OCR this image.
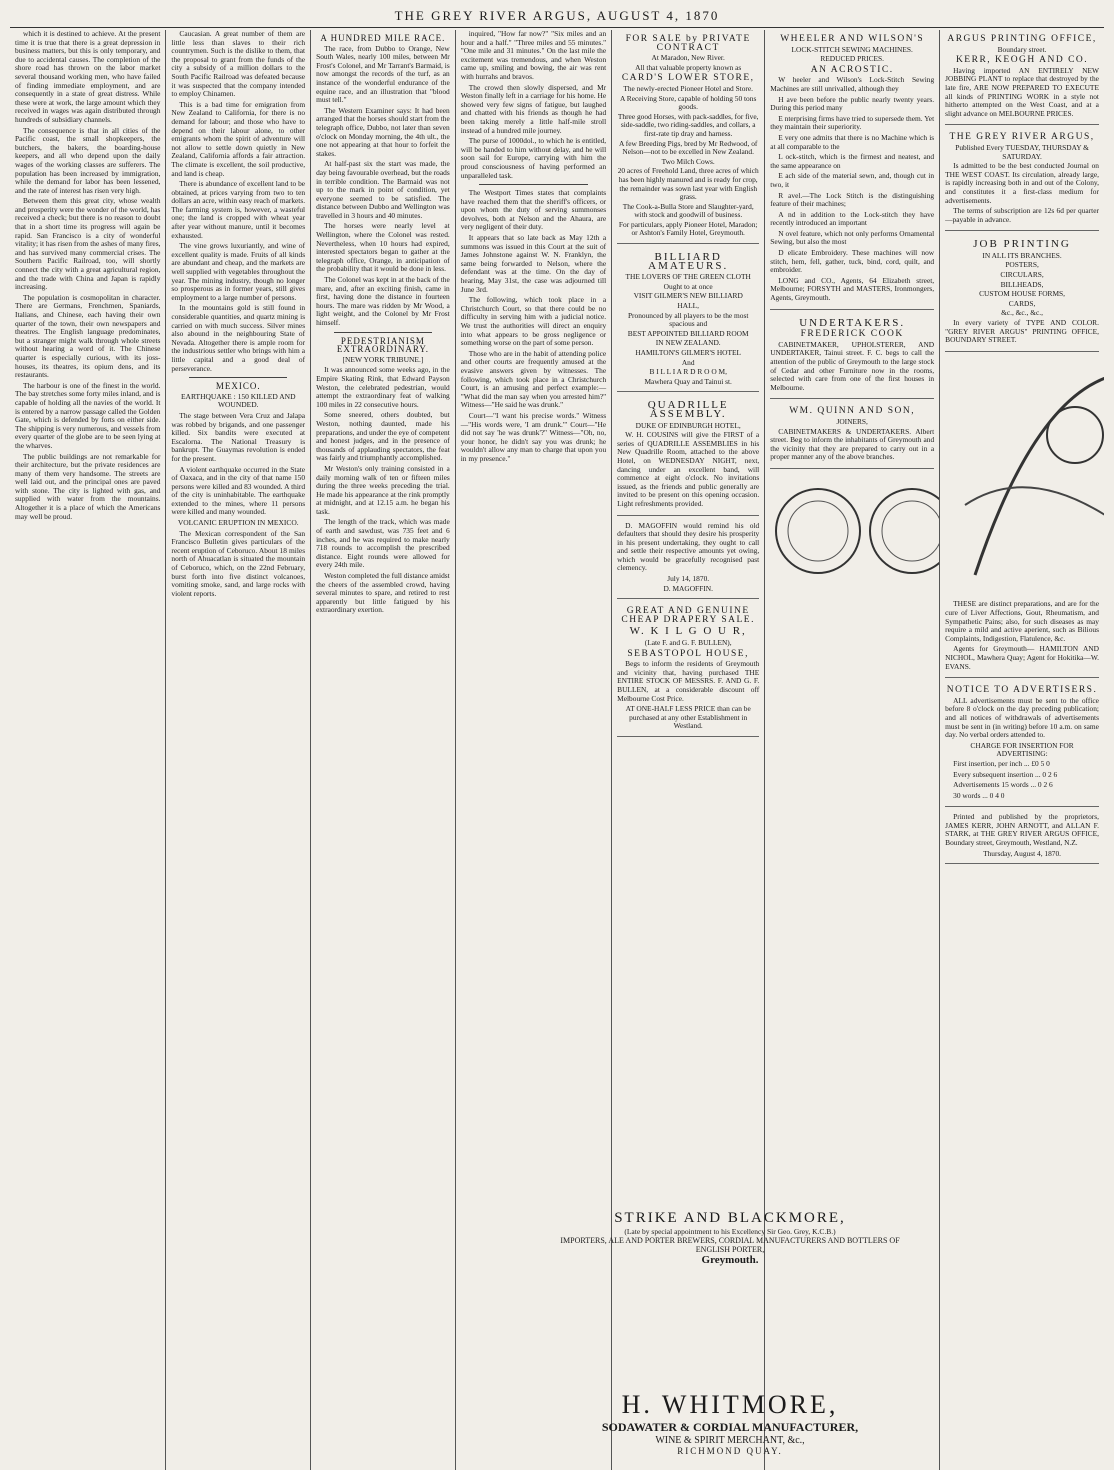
THE GREY RIVER ARGUS, AUGUST 4, 1870

which it is destined to achieve. At the present time it is true that there is a great depression in business matters, but this is only temporary, and due to accidental causes. The completion of the shore road has thrown on the labor market several thousand working men, who have failed of finding immediate employment, and are consequently in a state of great distress. While these were at work, the large amount which they received in wages was again distributed through hundreds of subsidiary channels.

The consequence is that in all cities of the Pacific coast, the small shopkeepers, the butchers, the bakers, the boarding-house keepers, and all who depend upon the daily wages of the working classes are sufferers. The population has been increased by immigration, while the demand for labor has been lessened, and the rate of interest has risen very high.

Between them this great city, whose wealth and prosperity were the wonder of the world, has received a check; but there is no reason to doubt that in a short time its progress will again be rapid. San Francisco is a city of wonderful vitality; it has risen from the ashes of many fires, and has survived many commercial crises. The Southern Pacific Railroad, too, will shortly connect the city with a great agricultural region, and the trade with China and Japan is rapidly increasing.

The population is cosmopolitan in character. There are Germans, Frenchmen, Spaniards, Italians, and Chinese, each having their own quarter of the town, their own newspapers and theatres. The English language predominates, but a stranger might walk through whole streets without hearing a word of it. The Chinese quarter is especially curious, with its joss-houses, its theatres, its opium dens, and its restaurants.

The harbour is one of the finest in the world. The bay stretches some forty miles inland, and is capable of holding all the navies of the world. It is entered by a narrow passage called the Golden Gate, which is defended by forts on either side. The shipping is very numerous, and vessels from every quarter of the globe are to be seen lying at the wharves.

The public buildings are not remarkable for their architecture, but the private residences are many of them very handsome. The streets are well laid out, and the principal ones are paved with stone. The city is lighted with gas, and supplied with water from the mountains. Altogether it is a place of which the Americans may well be proud.

Caucasian. A great number of them are little less than slaves to their rich countrymen. Such is the dislike to them, that the proposal to grant from the funds of the city a subsidy of a million dollars to the South Pacific Railroad was defeated because it was suspected that the company intended to employ Chinamen.

This is a bad time for emigration from New Zealand to California, for there is no demand for labour; and those who have to depend on their labour alone, to other emigrants whom the spirit of adventure will not allow to settle down quietly in New Zealand, California affords a fair attraction. The climate is excellent, the soil productive, and land is cheap.

There is abundance of excellent land to be obtained, at prices varying from two to ten dollars an acre, within easy reach of markets. The farming system is, however, a wasteful one; the land is cropped with wheat year after year without manure, until it becomes exhausted.

The vine grows luxuriantly, and wine of excellent quality is made. Fruits of all kinds are abundant and cheap, and the markets are well supplied with vegetables throughout the year. The mining industry, though no longer so prosperous as in former years, still gives employment to a large number of persons.

In the mountains gold is still found in considerable quantities, and quartz mining is carried on with much success. Silver mines also abound in the neighbouring State of Nevada. Altogether there is ample room for the industrious settler who brings with him a little capital and a good deal of perseverance.

MEXICO.
EARTHQUAKE : 150 KILLED AND WOUNDED.

The stage between Vera Cruz and Jalapa was robbed by brigands, and one passenger killed. Six bandits were executed at Escalorna. The National Treasury is bankrupt. The Guaymas revolution is ended for the present.

A violent earthquake occurred in the State of Oaxaca, and in the city of that name 150 persons were killed and 83 wounded. A third of the city is uninhabitable. The earthquake extended to the mines, where 11 persons were killed and many wounded.

VOLCANIC ERUPTION IN MEXICO.

The Mexican correspondent of the San Francisco Bulletin gives particulars of the recent eruption of Ceboruco. About 18 miles north of Ahuacatlan is situated the mountain of Ceboruco, which, on the 22nd February, burst forth into five distinct volcanoes, vomiting smoke, sand, and large rocks with violent reports.

A HUNDRED MILE RACE.

The race, from Dubbo to Orange, New South Wales, nearly 100 miles, between Mr Frost's Colonel, and Mr Tarrant's Barmaid, is now amongst the records of the turf, as an instance of the wonderful endurance of the equine race, and an illustration that "blood must tell."

The Western Examiner says: It had been arranged that the horses should start from the telegraph office, Dubbo, not later than seven o'clock on Monday morning, the 4th ult., the one not appearing at that hour to forfeit the stakes.

At half-past six the start was made, the day being favourable overhead, but the roads in terrible condition. The Barmaid was not up to the mark in point of condition, yet everyone seemed to be satisfied. The distance between Dubbo and Wellington was travelled in 3 hours and 40 minutes.

The horses were nearly level at Wellington, where the Colonel was rested. Nevertheless, when 10 hours had expired, interested spectators began to gather at the telegraph office, Orange, in anticipation of the probability that it would be done in less.

The Colonel was kept in at the back of the mare, and, after an exciting finish, came in first, having done the distance in fourteen hours. The mare was ridden by Mr Wood, a light weight, and the Colonel by Mr Frost himself.

PEDESTRIANISM EXTRAORDINARY.
[NEW YORK TRIBUNE.]

It was announced some weeks ago, in the Empire Skating Rink, that Edward Payson Weston, the celebrated pedestrian, would attempt the extraordinary feat of walking 100 miles in 22 consecutive hours.

Some sneered, others doubted, but Weston, nothing daunted, made his preparations, and under the eye of competent and honest judges, and in the presence of thousands of applauding spectators, the feat was fairly and triumphantly accomplished.

Mr Weston's only training consisted in a daily morning walk of ten or fifteen miles during the three weeks preceding the trial. He made his appearance at the rink promptly at midnight, and at 12.15 a.m. he began his task.

The length of the track, which was made of earth and sawdust, was 735 feet and 6 inches, and he was required to make nearly 718 rounds to accomplish the prescribed distance. Eight rounds were allowed for every 24th mile.

Weston completed the full distance amidst the cheers of the assembled crowd, having several minutes to spare, and retired to rest apparently but little fatigued by his extraordinary exertion.

inquired, "How far now?" "Six miles and an hour and a half." "Three miles and 55 minutes." "One mile and 31 minutes." On the last mile the excitement was tremendous, and when Weston came up, smiling and bowing, the air was rent with hurrahs and bravos.

The crowd then slowly dispersed, and Mr Weston finally left in a carriage for his home. He showed very few signs of fatigue, but laughed and chatted with his friends as though he had been taking merely a little half-mile stroll instead of a hundred mile journey.

The purse of 1000dol., to which he is entitled, will be handed to him without delay, and he will soon sail for Europe, carrying with him the proud consciousness of having performed an unparalleled task.

The Westport Times states that complaints have reached them that the sheriff's officers, or upon whom the duty of serving summonses devolves, both at Nelson and the Ahaura, are very negligent of their duty.

It appears that so late back as May 12th a summons was issued in this Court at the suit of James Johnstone against W. N. Franklyn, the same being forwarded to Nelson, where the defendant was at the time. On the day of hearing, May 31st, the case was adjourned till June 3rd.

The following, which took place in a Christchurch Court, so that there could be no difficulty in serving him with a judicial notice. We trust the authorities will direct an enquiry into what appears to be gross negligence or something worse on the part of some person.

Those who are in the habit of attending police and other courts are frequently amused at the evasive answers given by witnesses. The following, which took place in a Christchurch Court, is an amusing and perfect example:— "What did the man say when you arrested him?" Witness—"He said he was drunk."

Court—"I want his precise words." Witness—"His words were, 'I am drunk.'" Court—"He did not say 'he was drunk'?" Witness—"Oh, no, your honor, he didn't say you was drunk; he wouldn't allow any man to charge that upon you in my presence."

FOR SALE by PRIVATE CONTRACT
At Maradon, New River.
All that valuable property known as
CARD'S LOWER STORE,
The newly-erected Pioneer Hotel and Store.
A Receiving Store, capable of holding 50 tons goods.
Three good Horses, with pack-saddles, for five, side-saddle, two riding-saddles, and collars, a first-rate tip dray and harness.
A few Breeding Pigs, bred by Mr Redwood, of Nelson—not to be excelled in New Zealand.
Two Milch Cows.
20 acres of Freehold Land, three acres of which has been highly manured and is ready for crop, the remainder was sown last year with English grass.
The Cook-a-Bulla Store and Slaughter-yard, with stock and goodwill of business.
For particulars, apply Pioneer Hotel, Maradon; or Ashton's Family Hotel, Greymouth.
BILLIARD AMATEURS.
THE LOVERS OF THE GREEN CLOTH
Ought to at once
VISIT GILMER'S NEW BILLIARD
HALL,
Pronounced by all players to be the most spacious and
BEST APPOINTED BILLIARD ROOM
IN NEW ZEALAND.
HAMILTON'S GILMER'S HOTEL
And
B I L L I A R D R O O M,
Mawhera Quay and Tainui st.
QUADRILLE ASSEMBLY.
DUKE OF EDINBURGH HOTEL,

W. H. COUSINS will give the FIRST of a series of QUADRILLE ASSEMBLIES in his New Quadrille Room, attached to the above Hotel, on WEDNESDAY NIGHT, next, dancing under an excellent band, will commence at eight o'clock. No invitations issued, as the friends and public generally are invited to be present on this opening occasion. Light refreshments provided.

D. MAGOFFIN would remind his old defaulters that should they desire his prosperity in his present undertaking, they ought to call and settle their respective amounts yet owing, which would be gracefully recognised past clemency.

July 14, 1870.
D. MAGOFFIN.
GREAT AND GENUINE CHEAP DRAPERY SALE.
W. K I L G O U R,
(Late F. and G. F. BULLEN),
SEBASTOPOL HOUSE,

Begs to inform the residents of Greymouth and vicinity that, having purchased THE ENTIRE STOCK OF MESSRS. F. AND G. F. BULLEN, at a considerable discount off Melbourne Cost Price.

AT ONE-HALF LESS PRICE than can be purchased at any other Establishment in Westland.
WHEELER AND WILSON'S
LOCK-STITCH SEWING MACHINES.
REDUCED PRICES.
AN ACROSTIC.

W heeler and Wilson's Lock-Stitch Sewing Machines are still unrivalled, although they

H ave been before the public nearly twenty years. During this period many

E nterprising firms have tried to supersede them. Yet they maintain their superiority.

E very one admits that there is no Machine which is at all comparable to the

L ock-stitch, which is the firmest and neatest, and the same appearance on

E ach side of the material sewn, and, though cut in two, it

R avel.—The Lock Stitch is the distinguishing feature of their machines;

A nd in addition to the Lock-stitch they have recently introduced an important

N ovel feature, which not only performs Ornamental Sewing, but also the most

D elicate Embroidery. These machines will now stitch, hem, fell, gather, tuck, bind, cord, quilt, and embroider.

LONG and CO., Agents, 64 Elizabeth street, Melbourne; FORSYTH and MASTERS, Ironmongers, Agents, Greymouth.

UNDERTAKERS.
FREDERICK COOK

CABINETMAKER, UPHOLSTERER, AND UNDERTAKER, Tainui street. F. C. begs to call the attention of the public of Greymouth to the large stock of Cedar and other Furniture now in the rooms, selected with care from one of the first houses in Melbourne.

WM. QUINN AND SON,
JOINERS,

CABINETMAKERS & UNDERTAKERS. Albert street. Beg to inform the inhabitants of Greymouth and the vicinity that they are prepared to carry out in a proper manner any of the above branches.

ARGUS PRINTING OFFICE,
Boundary street.
KERR, KEOGH AND CO.

Having imported AN ENTIRELY NEW JOBBING PLANT to replace that destroyed by the late fire, ARE NOW PREPARED TO EXECUTE all kinds of PRINTING WORK in a style not hitherto attempted on the West Coast, and at a slight advance on MELBOURNE PRICES.

THE GREY RIVER ARGUS,
Published Every TUESDAY, THURSDAY & SATURDAY.

Is admitted to be the best conducted Journal on THE WEST COAST. Its circulation, already large, is rapidly increasing both in and out of the Colony, and constitutes it a first-class medium for advertisements.

The terms of subscription are 12s 6d per quarter—payable in advance.

JOB PRINTING
IN ALL ITS BRANCHES.
POSTERS,
CIRCULARS,
BILLHEADS,
CUSTOM HOUSE FORMS,
CARDS,
&c., &c., &c.,

In every variety of TYPE AND COLOR. "GREY RIVER ARGUS" PRINTING OFFICE, BOUNDARY STREET.

THESE are distinct preparations, and are for the cure of Liver Affections, Gout, Rheumatism, and Sympathetic Pains; also, for such diseases as may require a mild and active aperient, such as Bilious Complaints, Indigestion, Flatulence, &c.

Agents for Greymouth— HAMILTON AND NICHOL, Mawhera Quay; Agent for Hokitika—W. EVANS.

NOTICE TO ADVERTISERS.

ALL advertisements must be sent to the office before 8 o'clock on the day preceding publication; and all notices of withdrawals of advertisements must be sent in (in writing) before 10 a.m. on same day. No verbal orders attended to.

CHARGE FOR INSERTION FOR ADVERTISING:

First insertion, per inch ... £0 5 0

Every subsequent insertion ... 0 2 6

Advertisements 15 words ... 0 2 6

30 words ... 0 4 0

Printed and published by the proprietors, JAMES KERR, JOHN ARNOTT, and ALLAN F. STARK, at THE GREY RIVER ARGUS OFFICE, Boundary street, Greymouth, Westland, N.Z.

Thursday, August 4, 1870.
STRIKE AND BLACKMORE,
(Late by special appointment to his Excellency Sir Geo. Grey, K.C.B.)
IMPORTERS, ALE AND PORTER BREWERS, CORDIAL MANUFACTURERS AND BOTTLERS OF ENGLISH PORTER,
Greymouth.
H. WHITMORE,
SODAWATER & CORDIAL MANUFACTURER,
WINE & SPIRIT MERCHANT, &c.,
RICHMOND QUAY.
